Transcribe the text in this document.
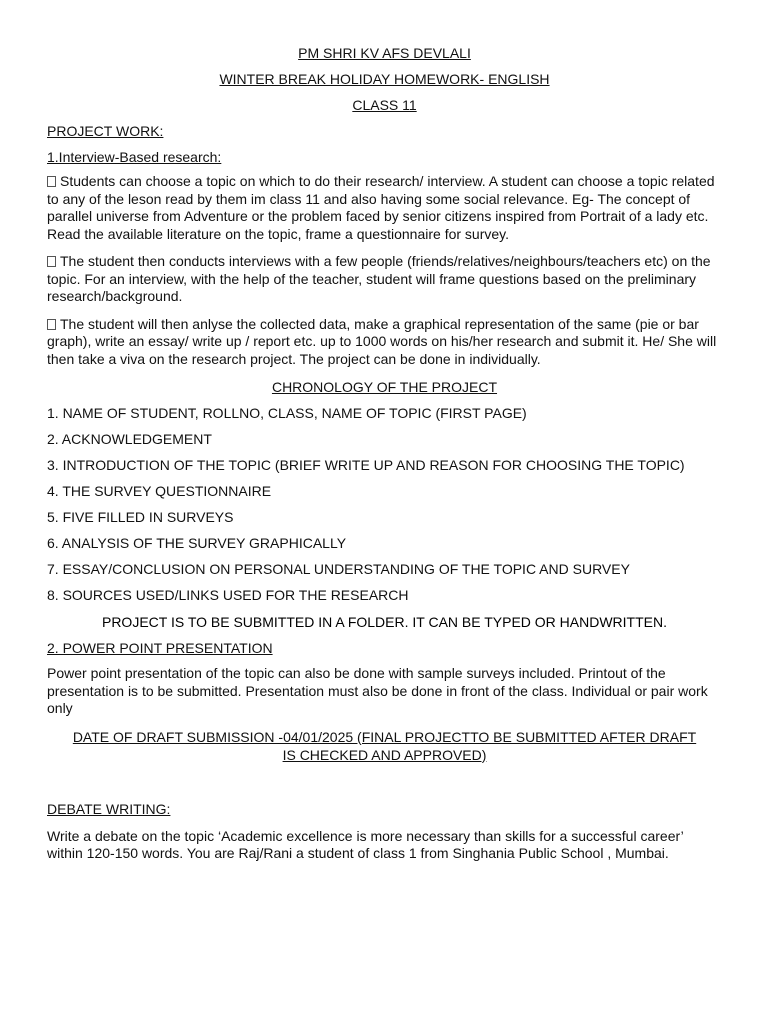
PM SHRI KV AFS DEVLALI

WINTER BREAK HOLIDAY HOMEWORK- ENGLISH

CLASS 11

PROJECT WORK:

1.Interview-Based research:

Students can choose a topic on which to do their research/ interview. A student can choose a topic related to any of the leson read by them im class 11 and also having some social relevance. Eg- The concept of parallel universe from Adventure or the problem faced by senior citizens inspired from Portrait of a lady etc. Read the available literature on the topic, frame a questionnaire for survey.

The student then conducts interviews with a few people (friends/relatives/neighbours/teachers etc) on the topic. For an interview, with the help of the teacher, student will frame questions based on the preliminary research/background.

The student will then anlyse the collected data, make a graphical representation of the same (pie or bar graph), write an essay/ write up / report etc. up to 1000 words on his/her research and submit it. He/ She will then take a viva on the research project. The project can be done in individually.

CHRONOLOGY OF THE PROJECT

1. NAME OF STUDENT, ROLLNO, CLASS, NAME OF TOPIC (FIRST PAGE)

2. ACKNOWLEDGEMENT

3. INTRODUCTION OF THE TOPIC (BRIEF WRITE UP AND REASON FOR CHOOSING THE TOPIC)

4. THE SURVEY QUESTIONNAIRE

5. FIVE FILLED IN SURVEYS

6. ANALYSIS OF THE SURVEY GRAPHICALLY

7. ESSAY/CONCLUSION ON PERSONAL UNDERSTANDING OF THE TOPIC AND SURVEY

8. SOURCES USED/LINKS USED FOR THE RESEARCH

PROJECT IS TO BE SUBMITTED IN A FOLDER. IT CAN BE TYPED OR HANDWRITTEN.

2. POWER POINT PRESENTATION

Power point presentation of the topic can also be done with sample surveys included. Printout of the presentation is to be submitted. Presentation must also be done in front of the class. Individual or pair work only

DATE OF DRAFT SUBMISSION -04/01/2025 (FINAL PROJECTTO BE SUBMITTED AFTER DRAFT

IS CHECKED AND APPROVED)

DEBATE WRITING:

Write a debate on the topic ‘Academic excellence is more necessary than skills for a successful career’ within 120-150 words. You are Raj/Rani a student of class 1 from Singhania Public School , Mumbai.
